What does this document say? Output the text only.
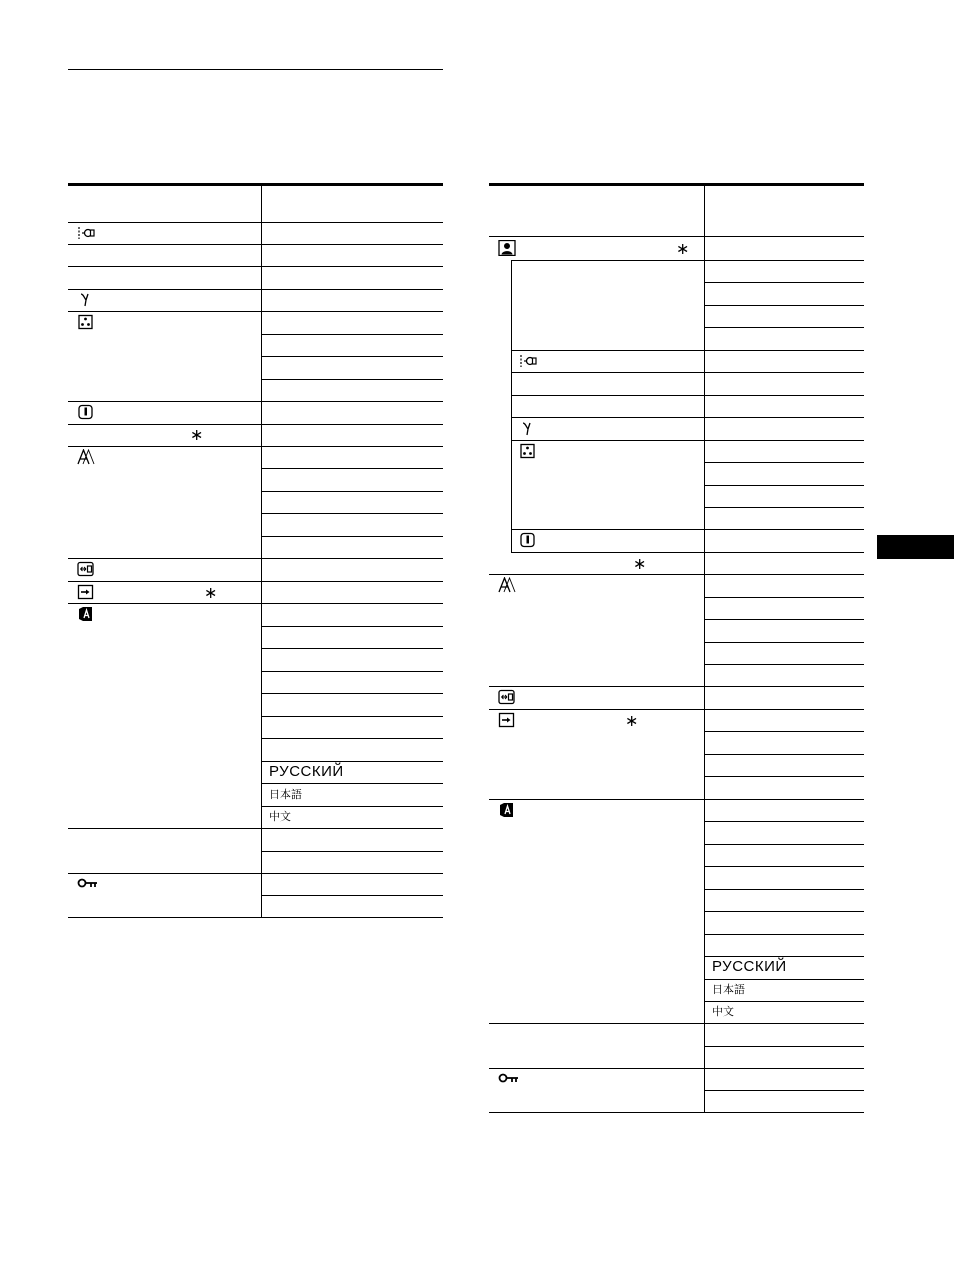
∗
∗
РУССКИЙ
日本語
中文
∗
∗
∗
РУССКИЙ
日本語
中文
